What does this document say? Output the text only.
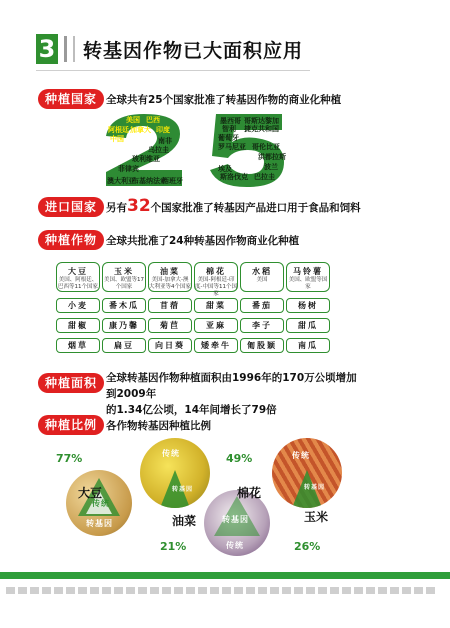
3 转基因作物已大面积应用
种植国家 全球共有25个国家批准了转基因作物的商业化种植
美国 巴西
阿根廷 加拿大 印度
中国	南非
乌拉圭
玻利维亚
菲律宾
澳大利亚
布基纳法索
西班牙
墨西哥 哥斯达黎加
智利 捷克共和国
葡萄牙
罗马尼亚 哥伦比亚
洪都拉斯
波兰
埃及
斯洛伐克 巴拉圭
进口国家 另有32个国家批准了转基因产品进口用于食品和饲料
种植作物 全球共批准了24种转基因作物商业化种植
大豆
美国、阿根廷、巴西等11个国家
玉米
美国、欧盟等17个国家
油菜
美国-加拿大-澳大利亚等4个国家
棉花
美国-阿根廷-印度-中国等11个国家
水稻
美国
马铃薯
美国、欧盟等国家
小麦	番木瓜	苜蓿	甜菜	番茄	杨树
甜椒	康乃馨	菊苣	亚麻	李子	甜瓜
烟草	扁豆	向日葵	矮牵牛	匍股颖	南瓜
种植面积 全球转基因作物种植面积由1996年的170万公顷增加到2009年
的1.34亿公顷，14年间增长了79倍
种植比例 各作物转基因种植比例
77%
转基因
传统
大豆
传统
转基因
油菜
21%
49%
转基因
传统
棉花
传统
转基因
玉米
26%
